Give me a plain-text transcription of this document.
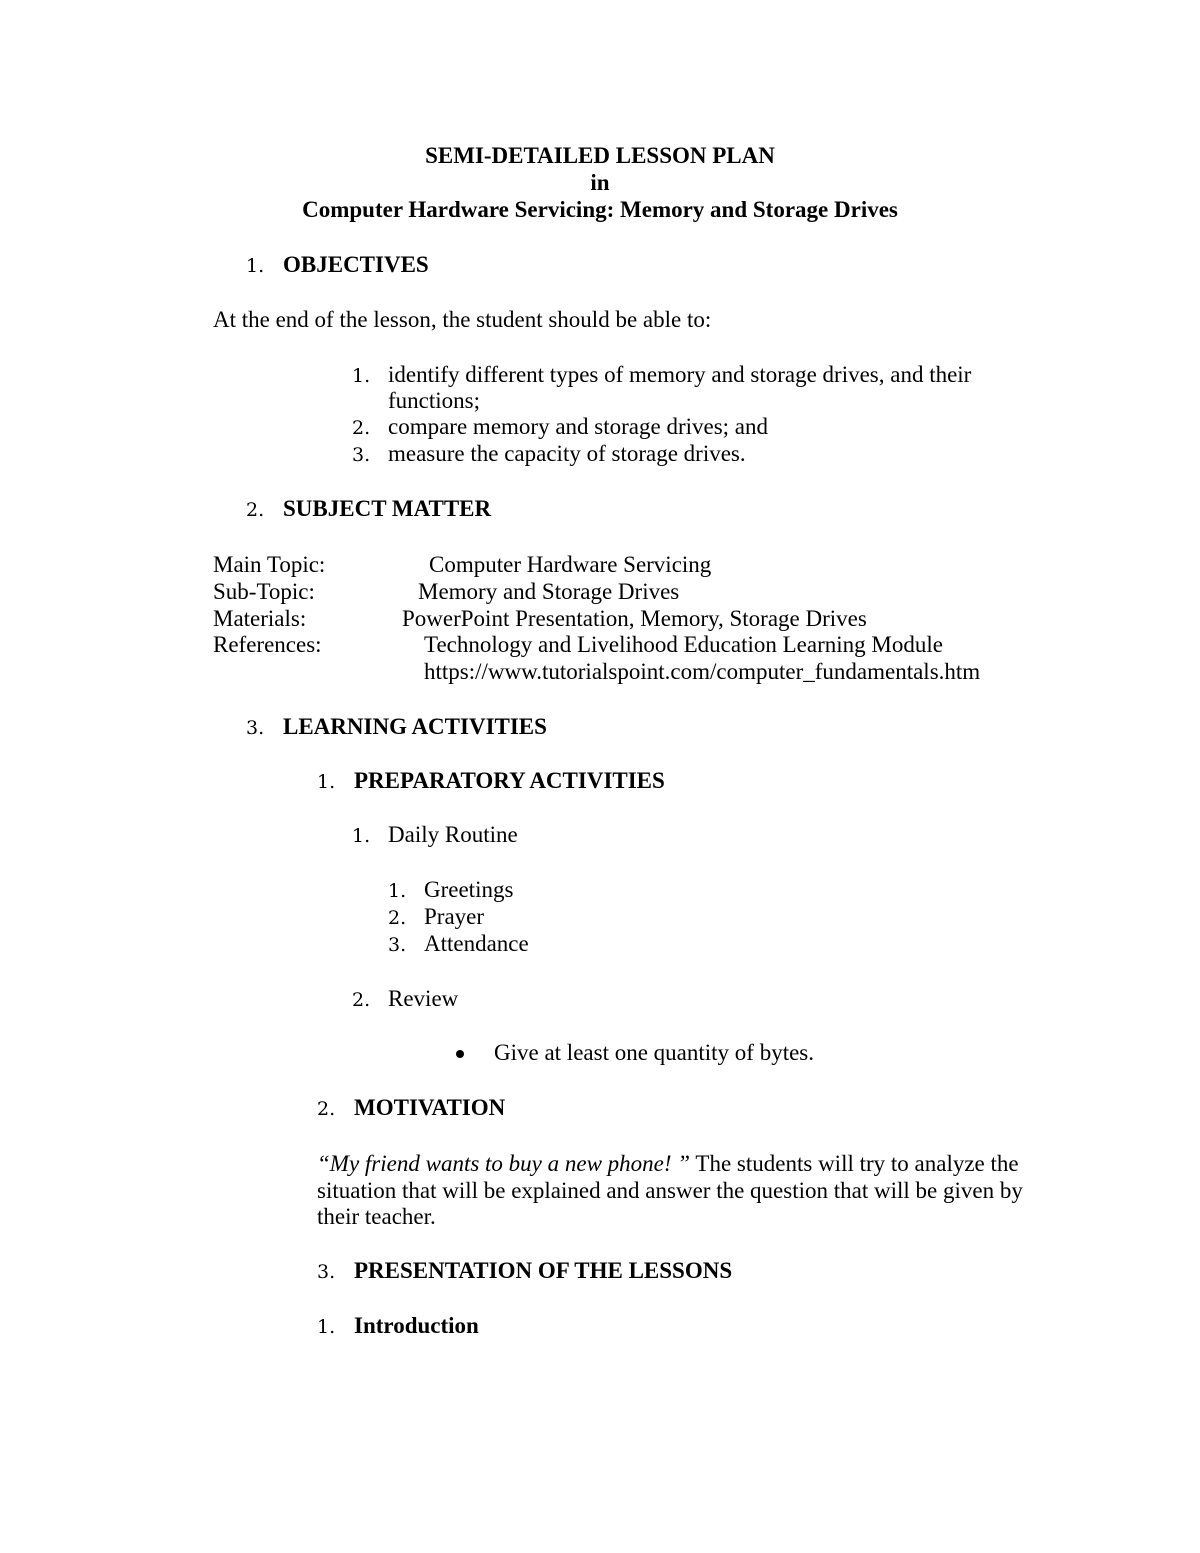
SEMI-DETAILED LESSON PLAN
in
Computer Hardware Servicing: Memory and Storage Drives
1. OBJECTIVES
At the end of the lesson, the student should be able to:
1. identify different types of memory and storage drives, and their
functions;
2. compare memory and storage drives; and
3. measure the capacity of storage drives.
2. SUBJECT MATTER
Main Topic:	Computer Hardware Servicing
Sub-Topic:	Memory and Storage Drives
Materials:	PowerPoint Presentation, Memory, Storage Drives
References:	Technology and Livelihood Education Learning Module
https://www.tutorialspoint.com/computer_fundamentals.htm
3. LEARNING ACTIVITIES
1. PREPARATORY ACTIVITIES
1. Daily Routine
1. Greetings
2. Prayer
3. Attendance
2. Review
Give at least one quantity of bytes.
2. MOTIVATION
“My friend wants to buy a new phone! ” The students will try to analyze the
situation that will be explained and answer the question that will be given by
their teacher.
3. PRESENTATION OF THE LESSONS
1. Introduction
